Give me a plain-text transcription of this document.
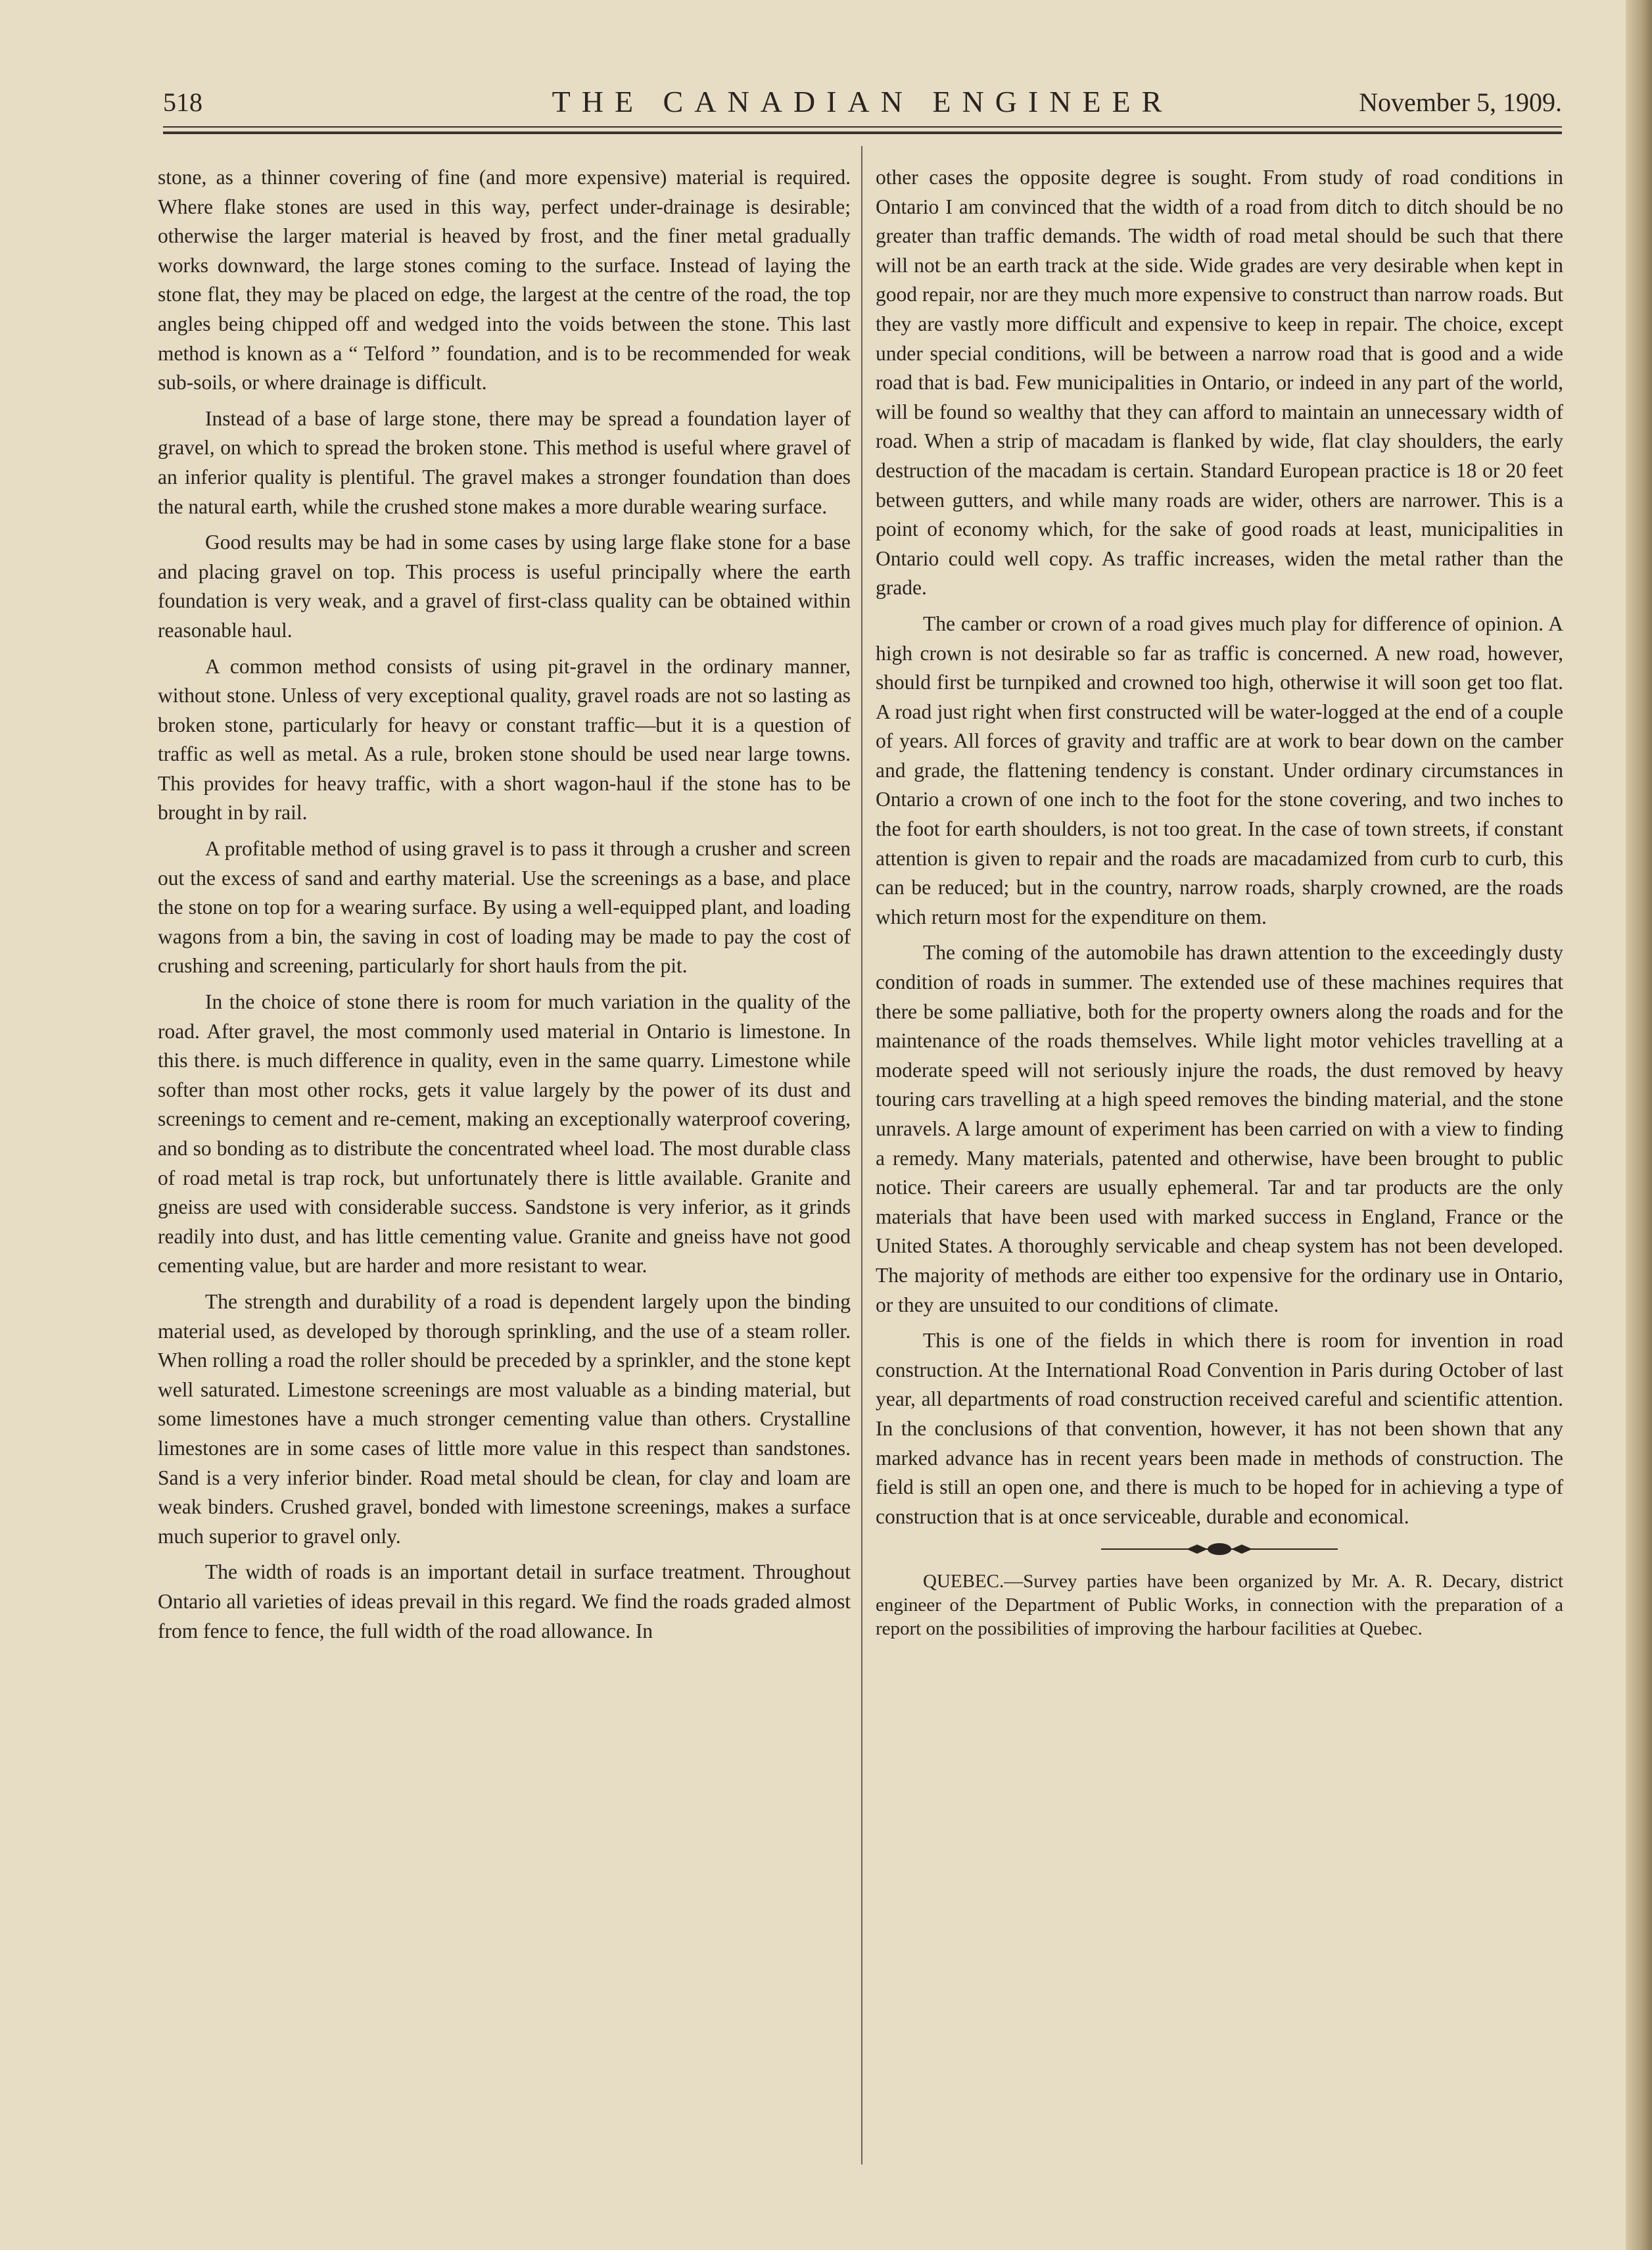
518	THE CANADIAN ENGINEER	November 5, 1909.

stone, as a thinner covering of fine (and more expensive) material is required. Where flake stones are used in this way, perfect under-drainage is desirable; otherwise the larger material is heaved by frost, and the finer metal gradually works downward, the large stones coming to the surface. Instead of laying the stone flat, they may be placed on edge, the largest at the centre of the road, the top angles being chipped off and wedged into the voids between the stone. This last method is known as a “ Telford ” foundation, and is to be recommended for weak sub-soils, or where drainage is difficult.

Instead of a base of large stone, there may be spread a foundation layer of gravel, on which to spread the broken stone. This method is useful where gravel of an inferior quality is plentiful. The gravel makes a stronger foundation than does the natural earth, while the crushed stone makes a more durable wearing surface.

Good results may be had in some cases by using large flake stone for a base and placing gravel on top. This process is useful principally where the earth foundation is very weak, and a gravel of first-class quality can be obtained within reasonable haul.

A common method consists of using pit-gravel in the ordinary manner, without stone. Unless of very exceptional quality, gravel roads are not so lasting as broken stone, particularly for heavy or constant traffic—but it is a question of traffic as well as metal. As a rule, broken stone should be used near large towns. This provides for heavy traffic, with a short wagon-haul if the stone has to be brought in by rail.

A profitable method of using gravel is to pass it through a crusher and screen out the excess of sand and earthy material. Use the screenings as a base, and place the stone on top for a wearing surface. By using a well-equipped plant, and loading wagons from a bin, the saving in cost of loading may be made to pay the cost of crushing and screening, particularly for short hauls from the pit.

In the choice of stone there is room for much variation in the quality of the road. After gravel, the most commonly used material in Ontario is limestone. In this there. is much difference in quality, even in the same quarry. Limestone while softer than most other rocks, gets it value largely by the power of its dust and screenings to cement and re-cement, making an exceptionally waterproof covering, and so bonding as to distribute the concentrated wheel load. The most durable class of road metal is trap rock, but unfortunately there is little available. Granite and gneiss are used with considerable success. Sandstone is very inferior, as it grinds readily into dust, and has little cementing value. Granite and gneiss have not good cementing value, but are harder and more resistant to wear.

The strength and durability of a road is dependent largely upon the binding material used, as developed by thorough sprinkling, and the use of a steam roller. When rolling a road the roller should be preceded by a sprinkler, and the stone kept well saturated. Limestone screenings are most valuable as a binding material, but some limestones have a much stronger cementing value than others. Crystalline limestones are in some cases of little more value in this respect than sandstones. Sand is a very inferior binder. Road metal should be clean, for clay and loam are weak binders. Crushed gravel, bonded with limestone screenings, makes a surface much superior to gravel only.

The width of roads is an important detail in surface treatment. Throughout Ontario all varieties of ideas prevail in this regard. We find the roads graded almost from fence to fence, the full width of the road allowance. In

other cases the opposite degree is sought. From study of road conditions in Ontario I am convinced that the width of a road from ditch to ditch should be no greater than traffic demands. The width of road metal should be such that there will not be an earth track at the side. Wide grades are very desirable when kept in good repair, nor are they much more expensive to construct than narrow roads. But they are vastly more difficult and expensive to keep in repair. The choice, except under special conditions, will be between a narrow road that is good and a wide road that is bad. Few municipalities in Ontario, or indeed in any part of the world, will be found so wealthy that they can afford to maintain an unnecessary width of road. When a strip of macadam is flanked by wide, flat clay shoulders, the early destruction of the macadam is certain. Standard European practice is 18 or 20 feet between gutters, and while many roads are wider, others are narrower. This is a point of economy which, for the sake of good roads at least, municipalities in Ontario could well copy. As traffic increases, widen the metal rather than the grade.

The camber or crown of a road gives much play for difference of opinion. A high crown is not desirable so far as traffic is concerned. A new road, however, should first be turnpiked and crowned too high, otherwise it will soon get too flat. A road just right when first constructed will be water-logged at the end of a couple of years. All forces of gravity and traffic are at work to bear down on the camber and grade, the flattening tendency is constant. Under ordinary circumstances in Ontario a crown of one inch to the foot for the stone covering, and two inches to the foot for earth shoulders, is not too great. In the case of town streets, if constant attention is given to repair and the roads are macadamized from curb to curb, this can be reduced; but in the country, narrow roads, sharply crowned, are the roads which return most for the expenditure on them.

The coming of the automobile has drawn attention to the exceedingly dusty condition of roads in summer. The extended use of these machines requires that there be some palliative, both for the property owners along the roads and for the maintenance of the roads themselves. While light motor vehicles travelling at a moderate speed will not seriously injure the roads, the dust removed by heavy touring cars travelling at a high speed removes the binding material, and the stone unravels. A large amount of experiment has been carried on with a view to finding a remedy. Many materials, patented and otherwise, have been brought to public notice. Their careers are usually ephemeral. Tar and tar products are the only materials that have been used with marked success in England, France or the United States. A thoroughly servicable and cheap system has not been developed. The majority of methods are either too expensive for the ordinary use in Ontario, or they are unsuited to our conditions of climate.

This is one of the fields in which there is room for invention in road construction. At the International Road Convention in Paris during October of last year, all departments of road construction received careful and scientific attention. In the conclusions of that convention, however, it has not been shown that any marked advance has in recent years been made in methods of construction. The field is still an open one, and there is much to be hoped for in achieving a type of construction that is at once serviceable, durable and economical.

QUEBEC.—Survey parties have been organized by Mr. A. R. Decary, district engineer of the Department of Public Works, in connection with the preparation of a report on the possibilities of improving the harbour facilities at Quebec.
